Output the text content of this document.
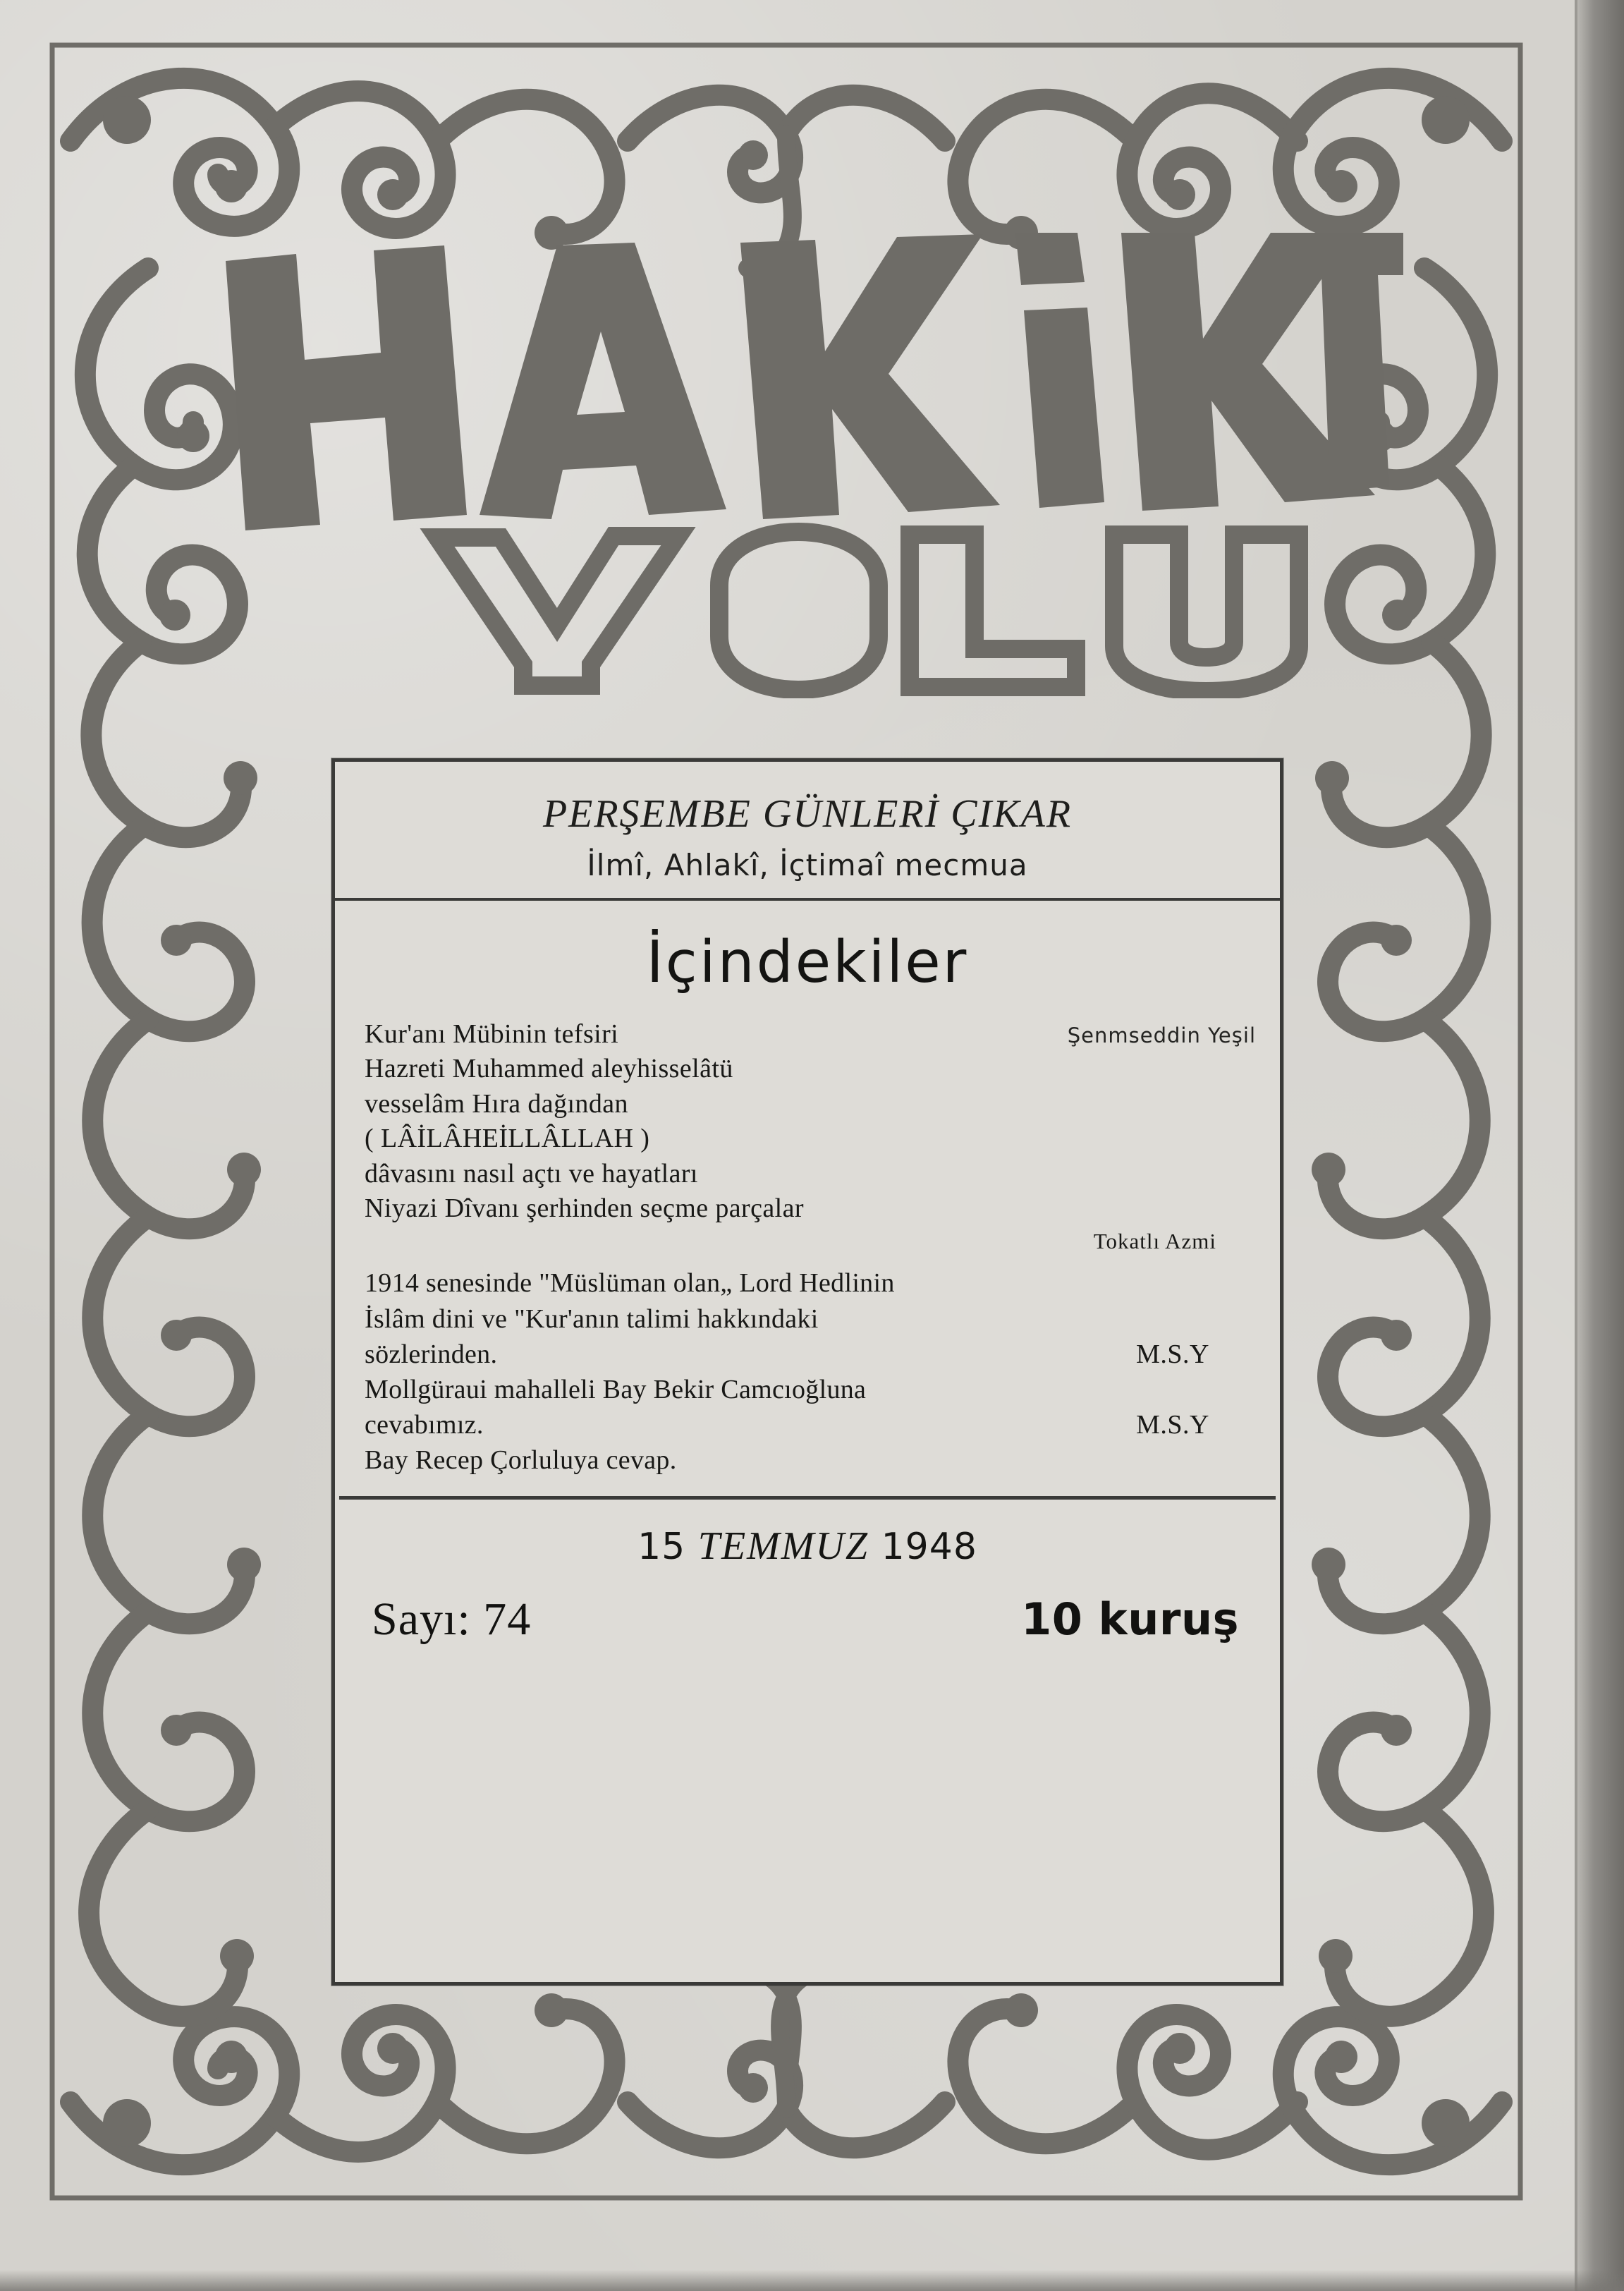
PERŞEMBE GÜNLERİ ÇIKAR
İlmî, Ahlakî, İçtimaî mecmua
İçindekiler
Kur'anı Mübinin tefsiri	Şenmseddin Yeşil
Hazreti Muhammed aleyhisselâtü
vesselâm Hıra dağından
( LÂİLÂHEİLLÂLLAH )
dâvasını nasıl açtı ve hayatları
Niyazi Dîvanı şerhinden seçme parçalar
Tokatlı Azmi
1914 senesinde "Müslüman olan„ Lord Hedlinin
İslâm dini ve "Kur'anın talimi hakkındaki
sözlerinden.	M.S.Y
Mollgüraui mahalleli Bay Bekir Camcıoğluna
cevabımız.	M.S.Y
Bay Recep Çorluluya cevap.
15 TEMMUZ 1948
Sayı: 74	10 kuruş
